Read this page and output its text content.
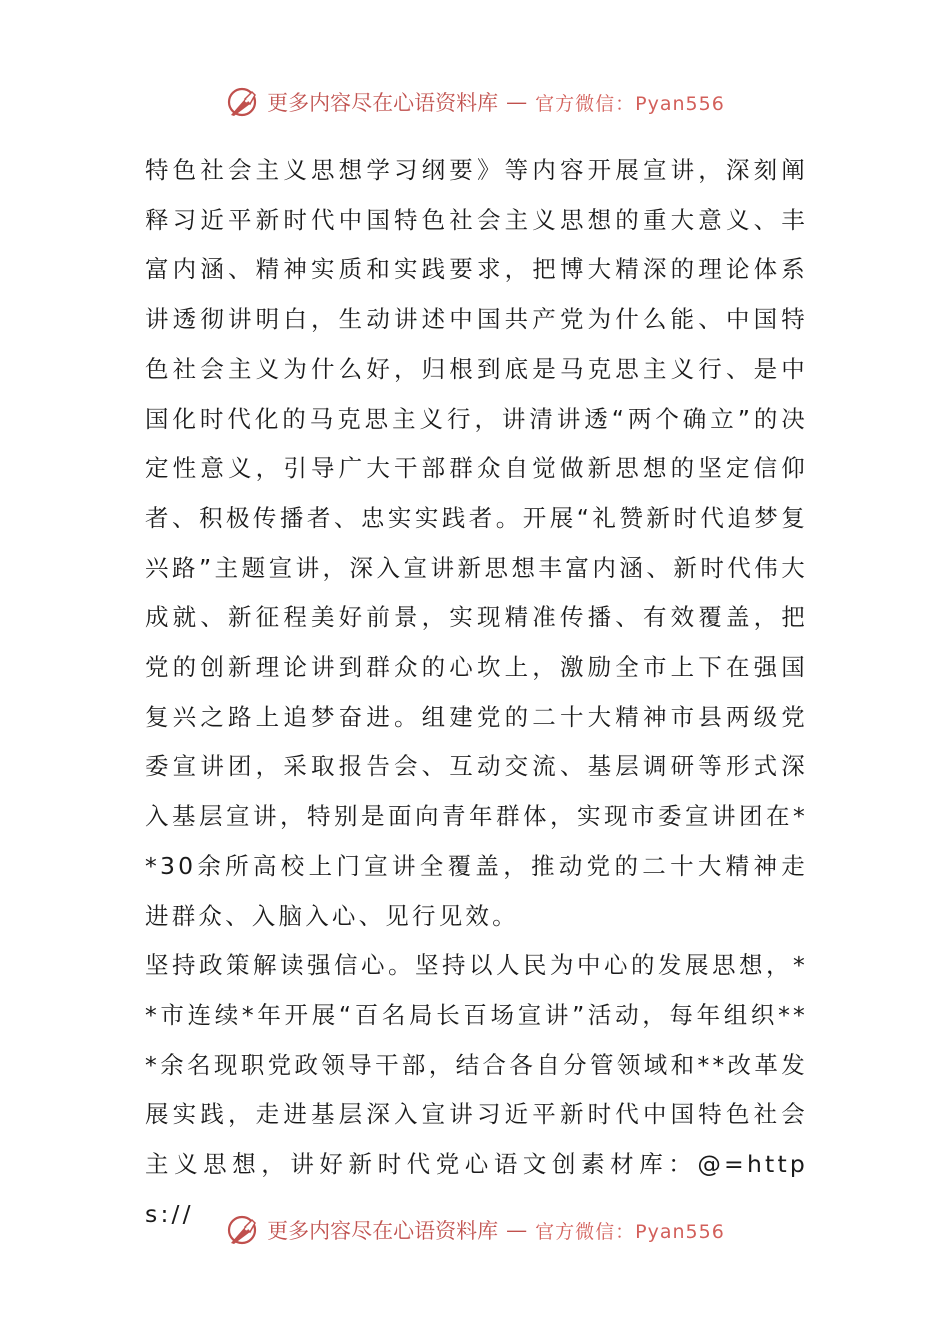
更多内容尽在心语资料库 — 官方微信：Pyan556

特色社会主义思想学习纲要》等内容开展宣讲，深刻阐释习近平新时代中国特色社会主义思想的重大意义、丰富内涵、精神实质和实践要求，把博大精深的理论体系讲透彻讲明白，生动讲述中国共产党为什么能、中国特色社会主义为什么好，归根到底是马克思主义行、是中国化时代化的马克思主义行，讲清讲透“两个确立”的决定性意义，引导广大干部群众自觉做新思想的坚定信仰者、积极传播者、忠实实践者。开展“礼赞新时代追梦复兴路”主题宣讲，深入宣讲新思想丰富内涵、新时代伟大成就、新征程美好前景，实现精准传播、有效覆盖，把党的创新理论讲到群众的心坎上，激励全市上下在强国复兴之路上追梦奋进。组建党的二十大精神市县两级党委宣讲团，采取报告会、互动交流、基层调研等形式深入基层宣讲，特别是面向青年群体，实现市委宣讲团在**30余所高校上门宣讲全覆盖，推动党的二十大精神走进群众、入脑入心、见行见效。

坚持政策解读强信心。坚持以人民为中心的发展思想，**市连续*年开展“百名局长百场宣讲”活动，每年组织***余名现职党政领导干部，结合各自分管领域和**改革发展实践，走进基层深入宣讲习近平新时代中国特色社会主义思想，讲好新时代党心语文创素材库：@=https://

更多内容尽在心语资料库 — 官方微信：Pyan556
